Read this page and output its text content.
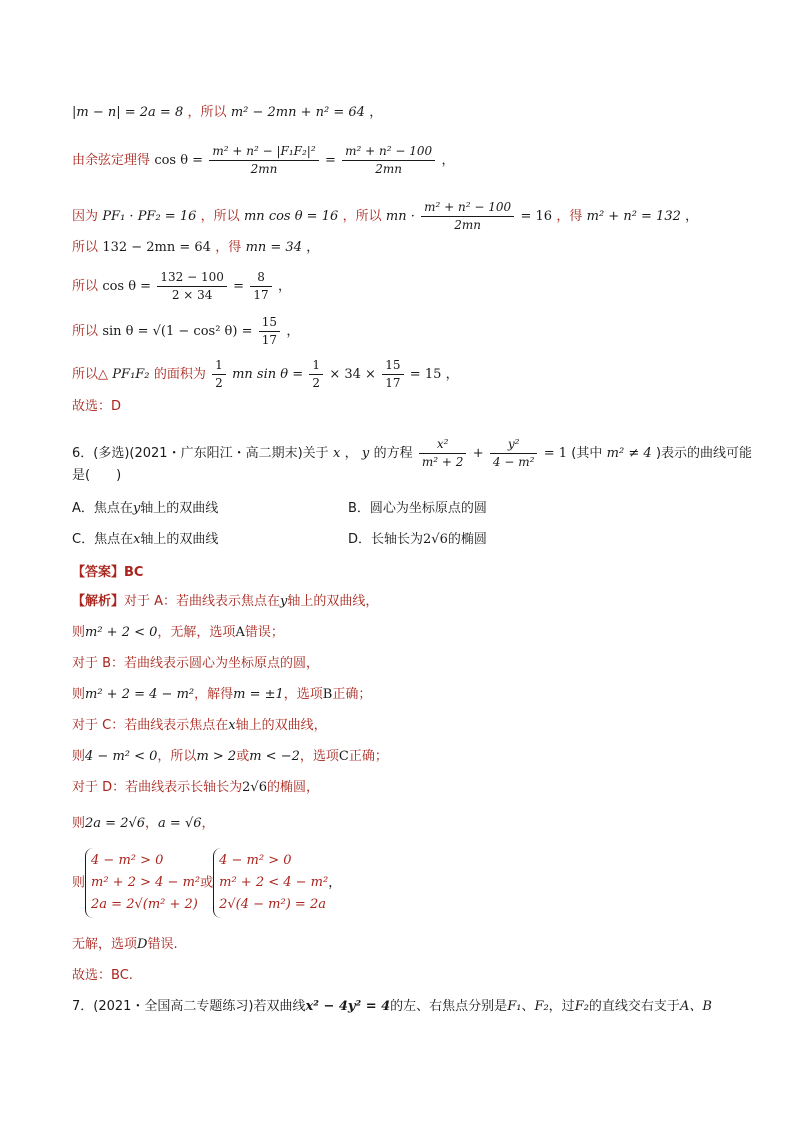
|m − n| = 2a = 8 ，所以 m² − 2mn + n² = 64 ，
由余弦定理得 $\cos \theta = \frac{\text{m² + n² − |F₁F₂|²}}{2mn} = \frac{\text{m² + n² − 100}}{2mn}$ ，
因为 PF₁ · PF₂ = 16 ，所以 mn cos θ = 16 ，所以 mn · $\frac{\text{m² + n² − 100}}{2mn} = 16$ ，得 m² + n² = 132 ，
所以 132 − 2mn = 64 ，得 mn = 34 ，
所以 $\cos \theta = \frac{132 - 100}{2 \times 34} = \frac{8}{17}$ ，
所以 sin θ = √(1 − cos² $\theta) = \frac{15}{17}$ ，
所以△ PF₁F₂ 的面积为 $\frac{1}{2}$ mn $\sin \theta = \frac{1}{2} \times 34 \times \frac{15}{17} = 15$ ，
故选：D
6．(多选)(2021・广东阳江・高二期末)关于 x ， y 的方程 $\frac{\text{x²}}{\text{m² + 2}} + \frac{\text{y²}}{\text{4 − m²}} = 1$ (其中 m² ≠ 4 )表示的曲线可能
是(　　)
A．焦点在y轴上的双曲线	B．圆心为坐标原点的圆
C．焦点在x轴上的双曲线	D．长轴长为2√6的椭圆
【答案】BC
【解析】对于 A：若曲线表示焦点在y轴上的双曲线，
则m² + 2 < 0，无解，选项A错误；
对于 B：若曲线表示圆心为坐标原点的圆，
则m² + 2 = 4 − m²，解得m = ±1，选项B正确；
对于 C：若曲线表示焦点在x轴上的双曲线，
则4 − m² < 0，所以m > 2或m < −2，选项C正确；
对于 D：若曲线表示长轴长为2√6的椭圆，
则2a = 2√6，a = √6，
则
4 − m² > 0
m² + 2 > 4 − m²
2a = 2√(m² + 2)
或
4 − m² > 0
m² + 2 < 4 − m²
2√(4 − m²) = 2a
，
无解，选项D错误.
故选：BC.
7．(2021・全国高二专题练习)若双曲线x² − 4y² = 4的左、右焦点分别是F₁、F₂，过F₂的直线交右支于A、B
